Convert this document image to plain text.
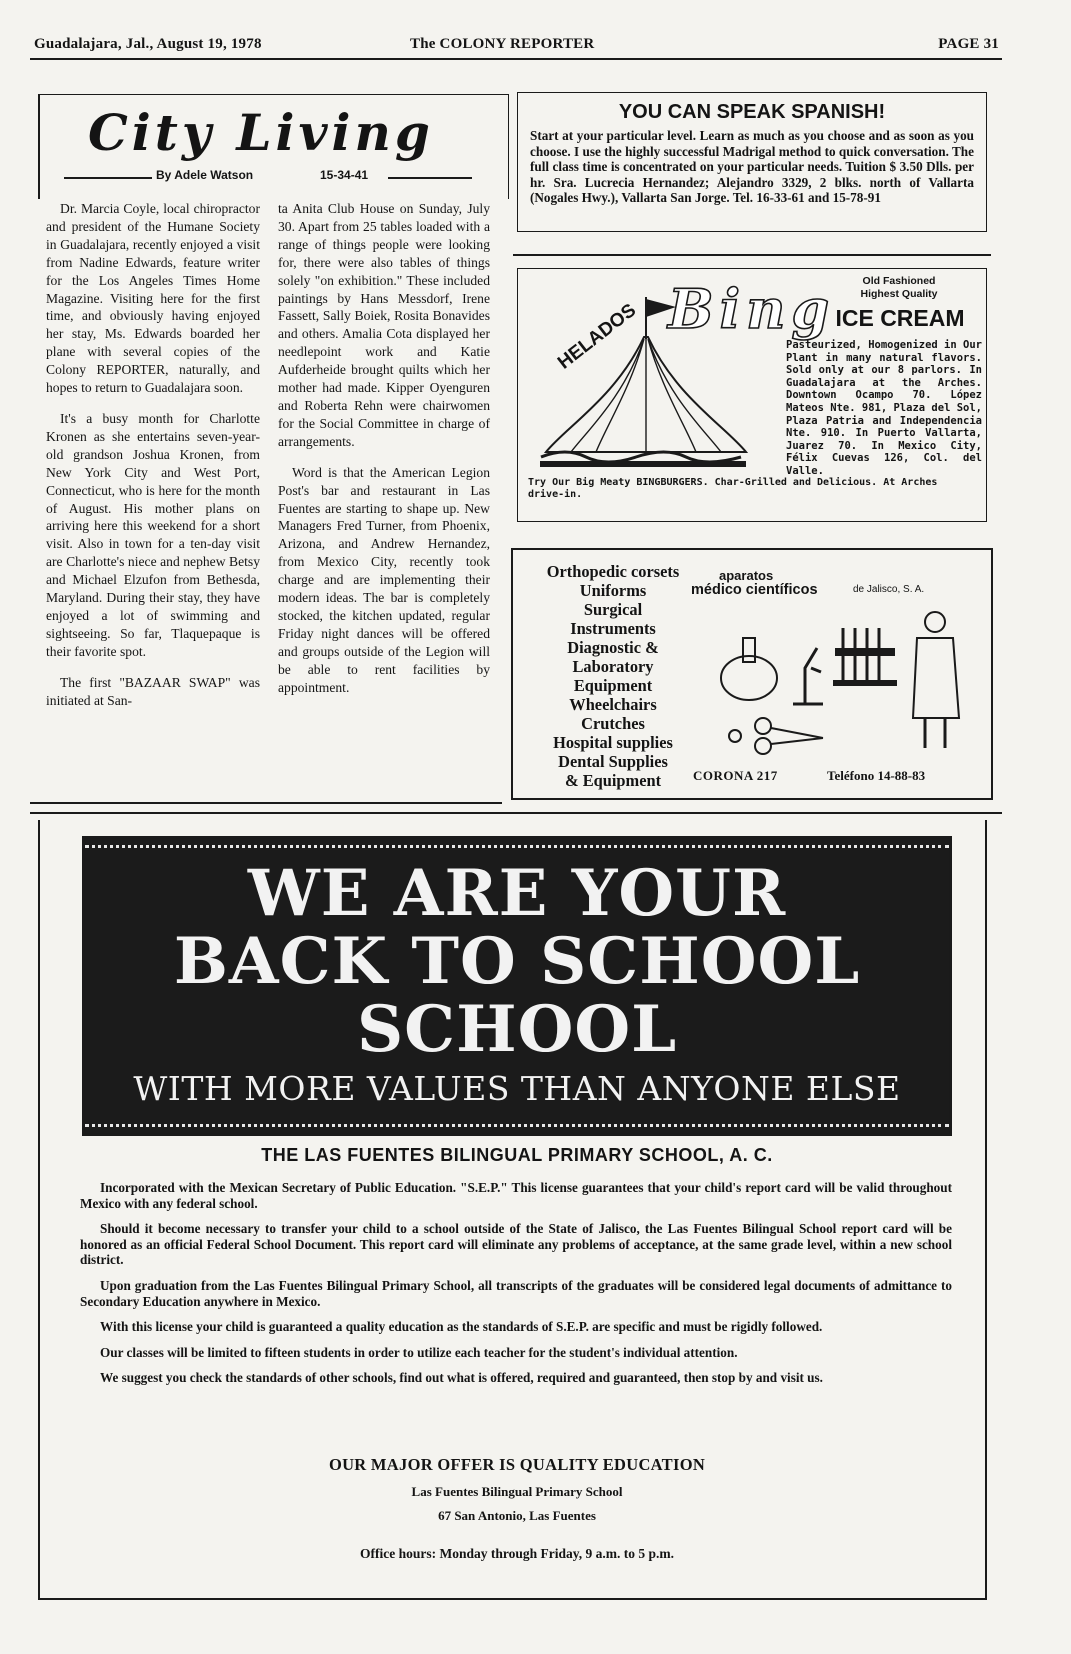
Guadalajara, Jal., August 19, 1978	The COLONY REPORTER	PAGE 31
City Living
By Adele Watson	15-34-41

Dr. Marcia Coyle, local chiropractor and president of the Humane Society in Guadalajara, recently enjoyed a visit from Nadine Edwards, feature writer for the Los Angeles Times Home Magazine. Visiting here for the first time, and obviously having enjoyed her stay, Ms. Edwards boarded her plane with several copies of the Colony REPORTER, naturally, and hopes to return to Guadalajara soon.

It's a busy month for Charlotte Kronen as she entertains seven-year-old grandson Joshua Kronen, from New York City and West Port, Connecticut, who is here for the month of August. His mother plans on arriving here this weekend for a short visit. Also in town for a ten-day visit are Charlotte's niece and nephew Betsy and Michael Elzufon from Bethesda, Maryland. During their stay, they have enjoyed a lot of swimming and sightseeing. So far, Tlaquepaque is their favorite spot.

The first "BAZAAR SWAP" was initiated at San-

ta Anita Club House on Sunday, July 30. Apart from 25 tables loaded with a range of things people were looking for, there were also tables of things solely "on exhibition." These included paintings by Hans Messdorf, Irene Fassett, Sally Boiek, Rosita Bonavides and others. Amalia Cota displayed her needlepoint work and Katie Aufderheide brought quilts which her mother had made. Kipper Oyenguren and Roberta Rehn were chairwomen for the Social Committee in charge of arrangements.

Word is that the American Legion Post's bar and restaurant in Las Fuentes are starting to shape up. New Managers Fred Turner, from Phoenix, Arizona, and Andrew Hernandez, from Mexico City, recently took charge and are implementing their modern ideas. The bar is completely stocked, the kitchen updated, regular Friday night dances will be offered and groups outside of the Legion will be able to rent facilities by appointment.

YOU CAN SPEAK SPANISH!
Start at your particular level. Learn as much as you choose and as soon as you choose. I use the highly successful Madrigal method to quick conversation. The full class time is concentrated on your particular needs. Tuition $ 3.50 Dlls. per hr. Sra. Lucrecia Hernandez; Alejandro 3329, 2 blks. north of Vallarta (Nogales Hwy.), Vallarta San Jorge. Tel. 16-33-61 and 15-78-91
HELADOS Bing	Old Fashioned
Highest Quality
ICE CREAM
Pasteurized, Homogenized in Our Plant in many natural flavors. Sold only at our 8 parlors. In Guadalajara at the Arches. Downtown Ocampo 70. López Mateos Nte. 981, Plaza del Sol, Plaza Patria and Independencia Nte. 910. In Puerto Vallarta, Juarez 70. In Mexico City, Félix Cuevas 126, Col. del Valle.
Try Our Big Meaty BINGBURGERS. Char-Grilled and Delicious. At Arches drive-in.
Orthopedic corsets
Uniforms
Surgical
Instruments
Diagnostic &
Laboratory
Equipment
Wheelchairs
Crutches
Hospital supplies
Dental Supplies
& Equipment
aparatos
médico científicos	de Jalisco, S. A.
CORONA 217	Teléfono 14-88-83
WE ARE YOUR
BACK TO SCHOOL
SCHOOL
WITH MORE VALUES THAN ANYONE ELSE
THE LAS FUENTES BILINGUAL PRIMARY SCHOOL, A. C.

Incorporated with the Mexican Secretary of Public Education. "S.E.P." This license guarantees that your child's report card will be valid throughout Mexico with any federal school.

Should it become necessary to transfer your child to a school outside of the State of Jalisco, the Las Fuentes Bilingual School report card will be honored as an official Federal School Document. This report card will eliminate any problems of acceptance, at the same grade level, within a new school district.

Upon graduation from the Las Fuentes Bilingual Primary School, all transcripts of the graduates will be considered legal documents of admittance to Secondary Education anywhere in Mexico.

With this license your child is guaranteed a quality education as the standards of S.E.P. are specific and must be rigidly followed.

Our classes will be limited to fifteen students in order to utilize each teacher for the student's individual attention.

We suggest you check the standards of other schools, find out what is offered, required and guaranteed, then stop by and visit us.

OUR MAJOR OFFER IS QUALITY EDUCATION
Las Fuentes Bilingual Primary School
67 San Antonio, Las Fuentes
Office hours: Monday through Friday, 9 a.m. to 5 p.m.
